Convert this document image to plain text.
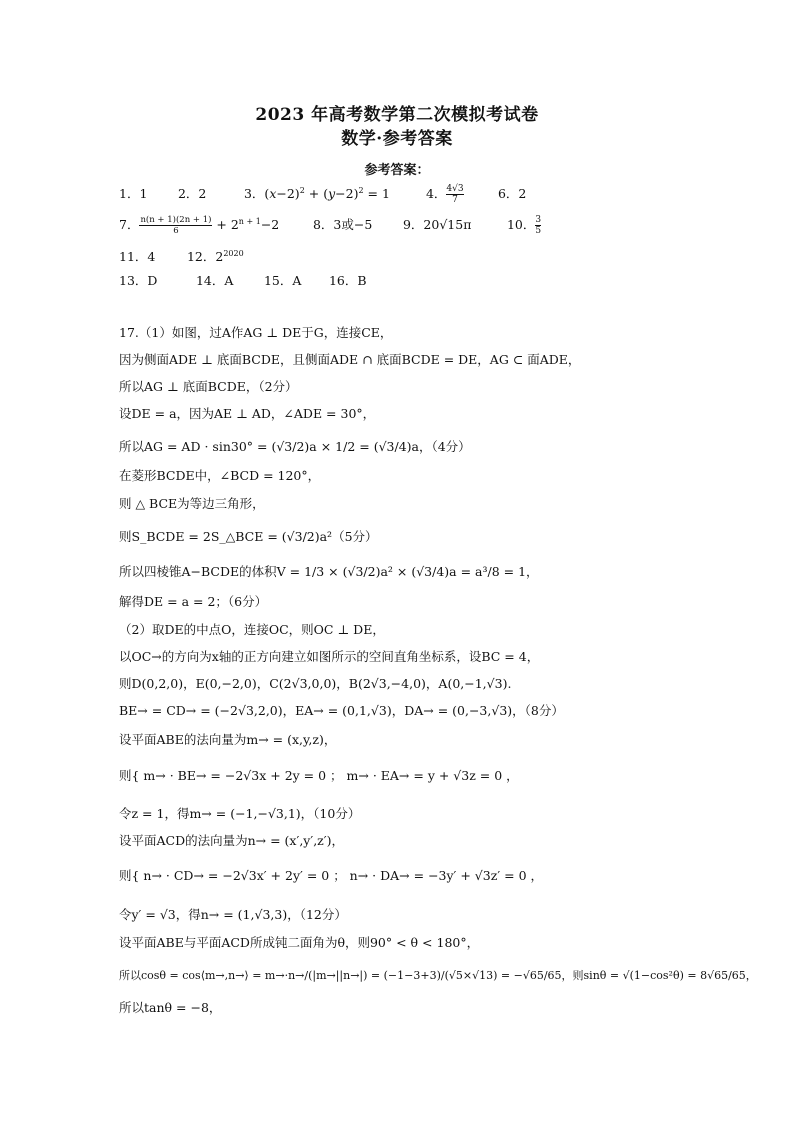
2023 年高考数学第二次模拟考试卷
数学·参考答案
参考答案：
1．1 2．2	3．$(x-2)^2 + (y-2)^2 = 1$	4． $\frac{4√3}{7}$	6．2
7． $\frac{n(n + 1)(2n + 1)}{6} + 2^{n + 1}-2$	8．3或−5 9．20√15π	10． $\frac{3}{5}$
11．4	12．$2^{2020}$
13．D	14．A 15．A 16．B
17.（1）如图，过A作AG ⊥ DE于G，连接CE，
因为侧面ADE ⊥ 底面BCDE，且侧面ADE ∩ 底面BCDE = DE，AG ⊂ 面ADE，
所以AG ⊥ 底面BCDE，（2分）
设DE = a，因为AE ⊥ AD，∠ADE = 30°，
所以AG = AD · sin30° = (√3/2)a × 1/2 = (√3/4)a，（4分）
在菱形BCDE中，∠BCD = 120°，
则 △ BCE为等边三角形，
则S_BCDE = 2S_△BCE = (√3/2)a²（5分）
所以四棱锥A−BCDE的体积V = 1/3 × (√3/2)a² × (√3/4)a = a³/8 = 1，
解得DE = a = 2；（6分）
（2）取DE的中点O，连接OC，则OC ⊥ DE，
以OC→的方向为x轴的正方向建立如图所示的空间直角坐标系，设BC = 4，
则D(0,2,0)，E(0,−2,0)，C(2√3,0,0)，B(2√3,−4,0)，A(0,−1,√3).
BE→ = CD→ = (−2√3,2,0)，EA→ = (0,1,√3)，DA→ = (0,−3,√3)，（8分）
设平面ABE的法向量为m→ = (x,y,z)，
则{ m→ · BE→ = −2√3x + 2y = 0 ； m→ · EA→ = y + √3z = 0 ，
令z = 1，得m→ = (−1,−√3,1)，（10分）
设平面ACD的法向量为n→ = (x′,y′,z′)，
则{ n→ · CD→ = −2√3x′ + 2y′ = 0 ； n→ · DA→ = −3y′ + √3z′ = 0 ，
令y′ = √3，得n→ = (1,√3,3)，（12分）
设平面ABE与平面ACD所成钝二面角为θ，则90° < θ < 180°，
所以cosθ = cos⟨m→,n→⟩ = m→·n→/(|m→||n→|) = (−1−3+3)/(√5×√13) = −√65/65，则sinθ = √(1−cos²θ) = 8√65/65，
所以tanθ = −8，
